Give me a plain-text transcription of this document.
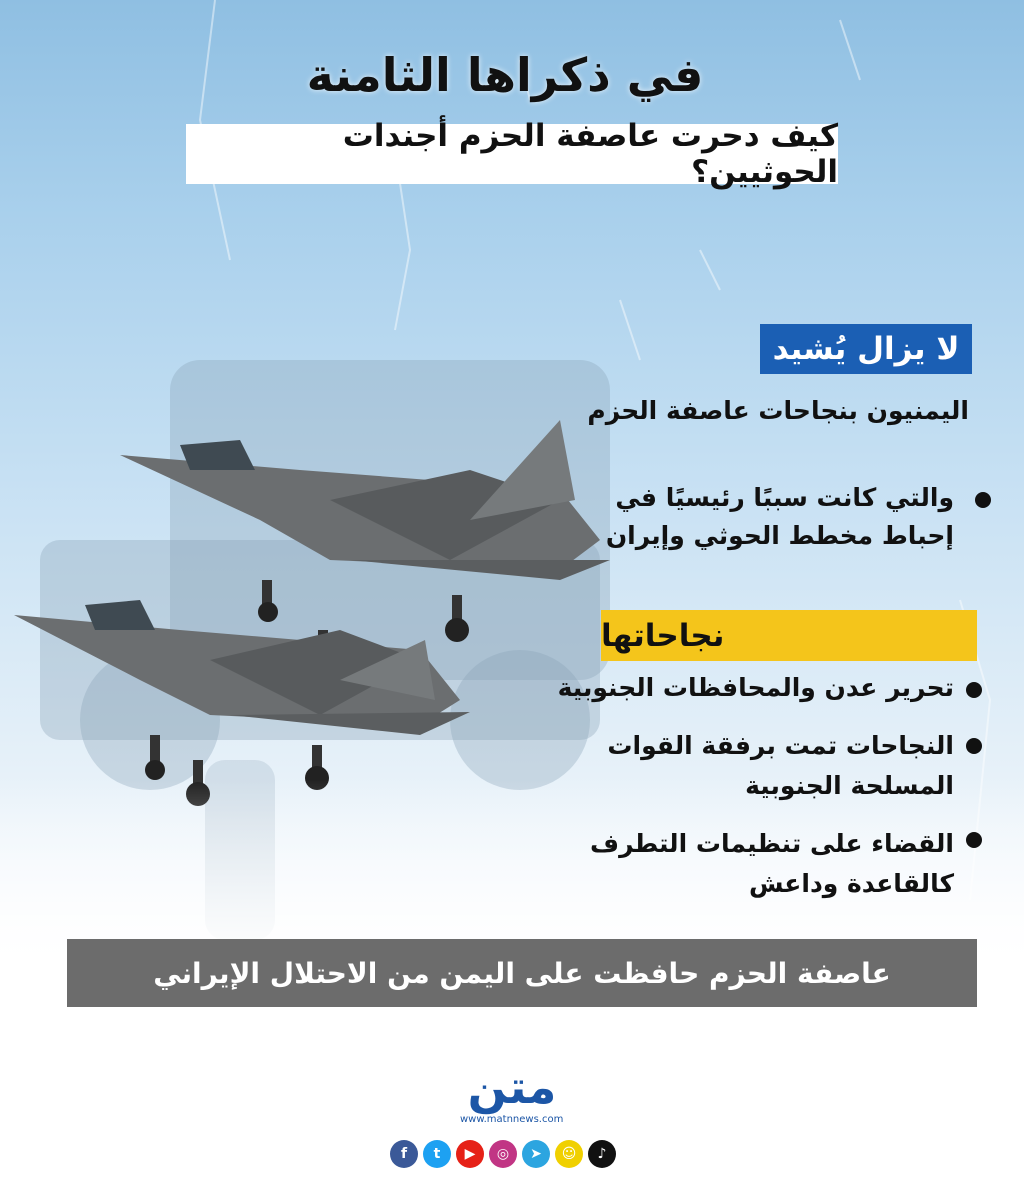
في ذكراها الثامنة
كيف دحرت عاصفة الحزم أجندات الحوثيين؟
لا يزال يُشيد
اليمنيون بنجاحات عاصفة الحزم
والتي كانت سببًا رئيسيًا في
إحباط مخطط الحوثي وإيران
نجاحاتها
تحرير عدن والمحافظات الجنوبية
النجاحات تمت برفقة القوات
المسلحة الجنوبية
القضاء على تنظيمات التطرف
كالقاعدة وداعش
عاصفة الحزم حافظت على اليمن من الاحتلال الإيراني
متن
www.matnnews.com
f	t	▶	◎	➤	☺	♪
